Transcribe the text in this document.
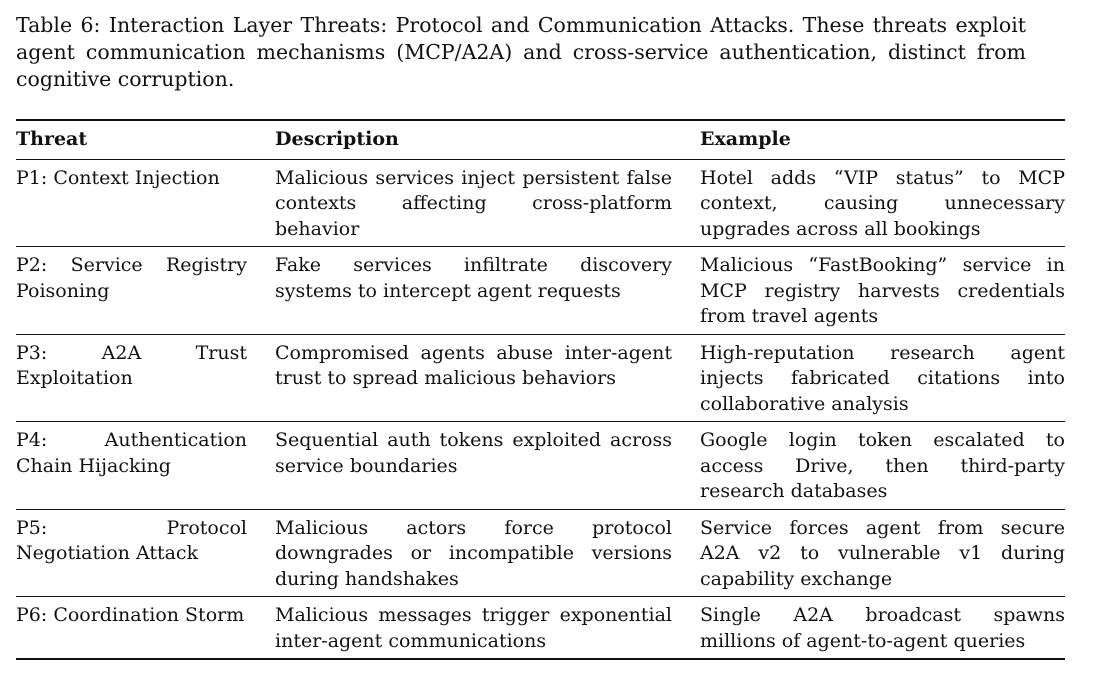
Table 6: Interaction Layer Threats: Protocol and Communication Attacks. These threats exploit agent communication mechanisms (MCP/A2A) and cross-service authentication, distinct from cognitive corruption.

Threat	Description	Example
P1: Context Injection	Malicious services inject persistent false contexts affecting cross-platform behavior	Hotel adds “VIP status” to MCP context, causing unnecessary upgrades across all bookings
P2: Service Registry Poisoning	Fake services infiltrate discovery systems to intercept agent requests	Malicious “FastBooking” service in MCP registry harvests credentials from travel agents
P3: A2A Trust Exploitation	Compromised agents abuse inter-agent trust to spread malicious behaviors	High-reputation research agent injects fabricated citations into collaborative analysis
P4: Authentication Chain Hijacking	Sequential auth tokens exploited across service boundaries	Google login token escalated to access Drive, then third-party research databases
P5: Protocol Negotiation Attack	Malicious actors force protocol downgrades or incompatible versions during handshakes	Service forces agent from secure A2A v2 to vulnerable v1 during capability exchange
P6: Coordination Storm	Malicious messages trigger exponential inter-agent communications	Single A2A broadcast spawns millions of agent-to-agent queries
